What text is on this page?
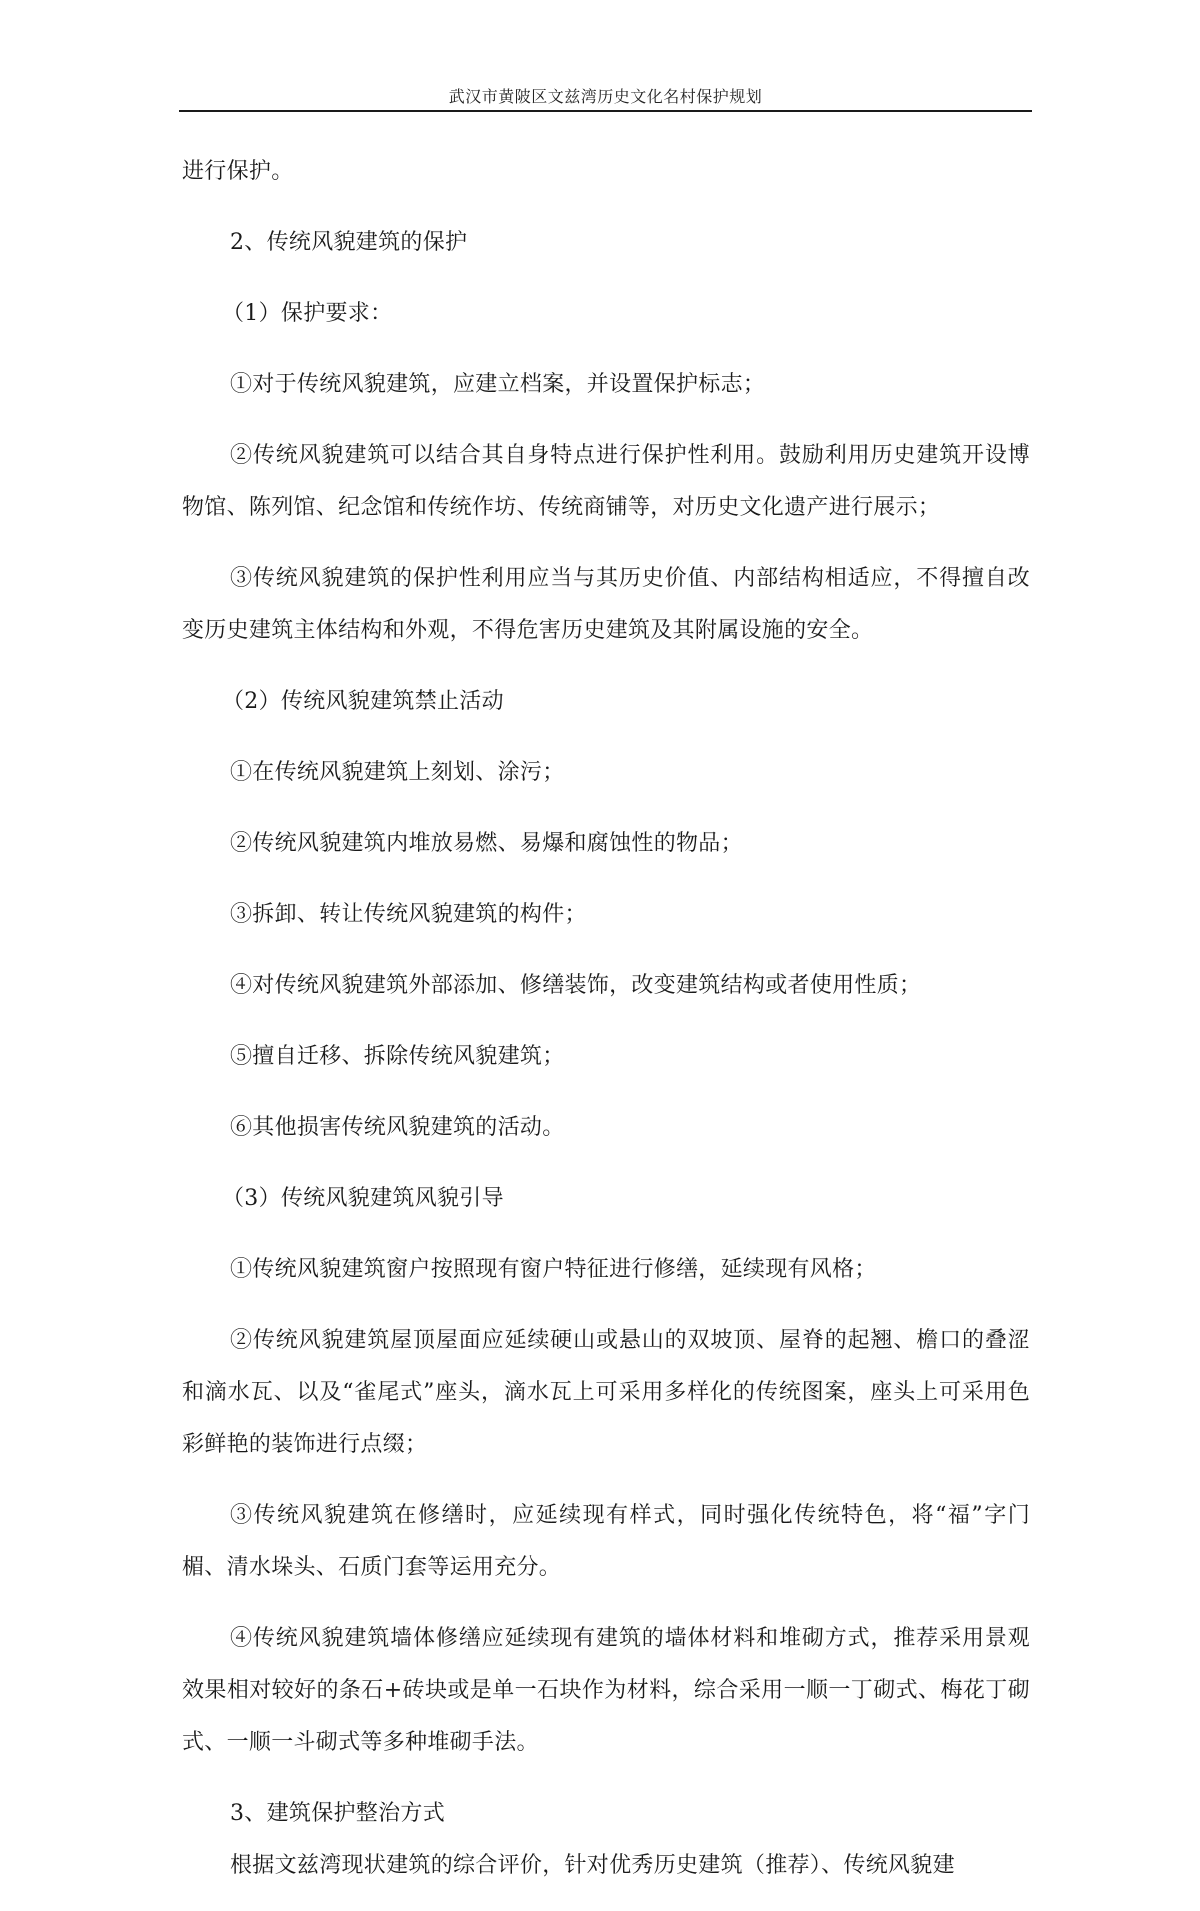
武汉市黄陂区文兹湾历史文化名村保护规划

进行保护。

2、传统风貌建筑的保护

（1）保护要求：

①对于传统风貌建筑，应建立档案，并设置保护标志；

②传统风貌建筑可以结合其自身特点进行保护性利用。鼓励利用历史建筑开设博物馆、陈列馆、纪念馆和传统作坊、传统商铺等，对历史文化遗产进行展示；

③传统风貌建筑的保护性利用应当与其历史价值、内部结构相适应，不得擅自改变历史建筑主体结构和外观，不得危害历史建筑及其附属设施的安全。

（2）传统风貌建筑禁止活动

①在传统风貌建筑上刻划、涂污；

②传统风貌建筑内堆放易燃、易爆和腐蚀性的物品；

③拆卸、转让传统风貌建筑的构件；

④对传统风貌建筑外部添加、修缮装饰，改变建筑结构或者使用性质；

⑤擅自迁移、拆除传统风貌建筑；

⑥其他损害传统风貌建筑的活动。

（3）传统风貌建筑风貌引导

①传统风貌建筑窗户按照现有窗户特征进行修缮，延续现有风格；

②传统风貌建筑屋顶屋面应延续硬山或悬山的双坡顶、屋脊的起翘、檐口的叠涩和滴水瓦、以及“雀尾式”座头，滴水瓦上可采用多样化的传统图案，座头上可采用色彩鲜艳的装饰进行点缀；

③传统风貌建筑在修缮时，应延续现有样式，同时强化传统特色，将“福”字门楣、清水垛头、石质门套等运用充分。

④传统风貌建筑墙体修缮应延续现有建筑的墙体材料和堆砌方式，推荐采用景观效果相对较好的条石+砖块或是单一石块作为材料，综合采用一顺一丁砌式、梅花丁砌式、一顺一斗砌式等多种堆砌手法。

3、建筑保护整治方式

根据文兹湾现状建筑的综合评价，针对优秀历史建筑（推荐）、传统风貌建
